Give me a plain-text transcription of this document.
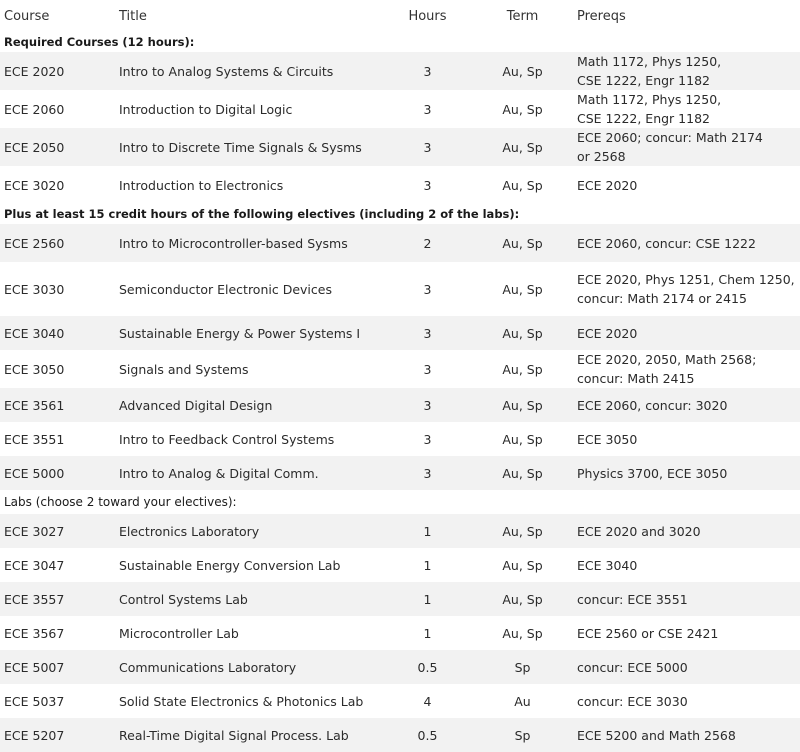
Course	Title	Hours	Term	Prereqs
Required Courses (12 hours):				
ECE 2020	Intro to Analog Systems & Circuits	3	Au, Sp	Math 1172, Phys 1250,
CSE 1222, Engr 1182

ECE 2060	Introduction to Digital Logic	3	Au, Sp	Math 1172, Phys 1250,
CSE 1222, Engr 1182

ECE 2050	Intro to Discrete Time Signals & Sysms	3	Au, Sp	ECE 2060; concur: Math 2174
or 2568

ECE 3020	Introduction to Electronics	3	Au, Sp	ECE 2020

Plus at least 15 credit hours of the following electives (including 2 of the labs):				
ECE 2560	Intro to Microcontroller-based Sysms	2	Au, Sp	ECE 2060, concur: CSE 1222

ECE 3030	Semiconductor Electronic Devices	3	Au, Sp	ECE 2020, Phys 1251, Chem 1250,
concur: Math 2174 or 2415

ECE 3040	Sustainable Energy & Power Systems I	3	Au, Sp	ECE 2020

ECE 3050	Signals and Systems	3	Au, Sp	ECE 2020, 2050, Math 2568;
concur: Math 2415

ECE 3561	Advanced Digital Design	3	Au, Sp	ECE 2060, concur: 3020

ECE 3551	Intro to Feedback Control Systems	3	Au, Sp	ECE 3050

ECE 5000	Intro to Analog & Digital Comm.	3	Au, Sp	Physics 3700, ECE 3050

Labs (choose 2 toward your electives):				
ECE 3027	Electronics Laboratory	1	Au, Sp	ECE 2020 and 3020

ECE 3047	Sustainable Energy Conversion Lab	1	Au, Sp	ECE 3040

ECE 3557	Control Systems Lab	1	Au, Sp	concur: ECE 3551

ECE 3567	Microcontroller Lab	1	Au, Sp	ECE 2560 or CSE 2421

ECE 5007	Communications Laboratory	0.5	Sp	concur: ECE 5000

ECE 5037	Solid State Electronics & Photonics Lab	4	Au	concur: ECE 3030

ECE 5207	Real-Time Digital Signal Process. Lab	0.5	Sp	ECE 5200 and Math 2568
